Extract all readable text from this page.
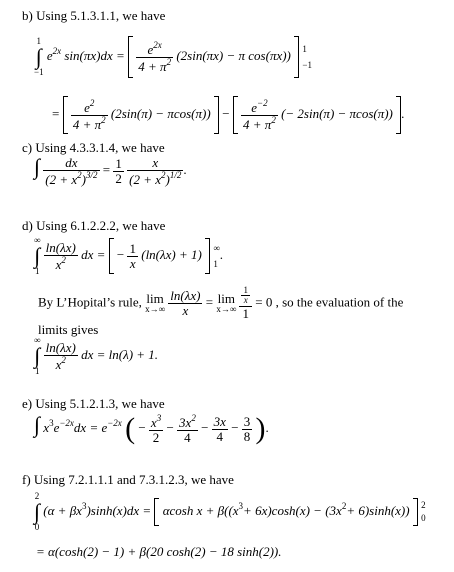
b) Using 5.1.3.1.1, we have
1
∫
−1
$e^{2x}$ $\sin(\pi x)dx = \frac{e^{2x}}{4 + \pi^2} (2\sin(\pi x) - \pi$ cos(πx)) 1
−1
= $\frac{e^2}{4 + \pi^2} (2\sin(\pi) - \pi\cos(\pi)) - \frac{e^{-2}}{4 + \pi^2}$ (− 2sin(π) − πcos(π)) .
c) Using 4.3.3.1.4, we have
∫ $\frac{dx}{(2 + x^2)^{3/2}} = \frac{1}{2}$
$\frac{x}{(2 + x^2)^{1/2}}$ .
d) Using 6.1.2.2.2, we have
∞
∫
1
$\frac{\ln(\lambda x)}{x^2}$ dx = − $\frac{1}{x} (\ln(\lambda x) + 1)$ ∞
1
.
By L’Hopital’s rule, lim
x→∞
$\frac{\ln(\lambda x)}{x} = \lim$
x→∞
$\frac{\frac{1}{x}}{1} = 0$ , so the evaluation of the
limits gives
∞
∫
1
$\frac{\ln(\lambda x)}{x^2}$ dx = ln(λ) + 1.
e) Using 5.1.2.1.3, we have
∫ $x^3e^{-2x}dx = e^{-2x}$ ( − $\frac{x^3}{2} - \frac{3x^2}{4} - \frac{3x}{4} - \frac{3}{8}$ ).
f) Using 7.2.1.1.1 and 7.3.1.2.3, we have
2
∫
0
$(\alpha + \beta x^3)\sinh(x)dx = \alpha\cosh$ $x + \beta((x^3+ 6x)\cosh(x) - (3x^2+ 6)\sinh(x))$ 2
0
= α(cosh(2) − 1) + β(20 cosh(2) − 18 sinh(2)).
